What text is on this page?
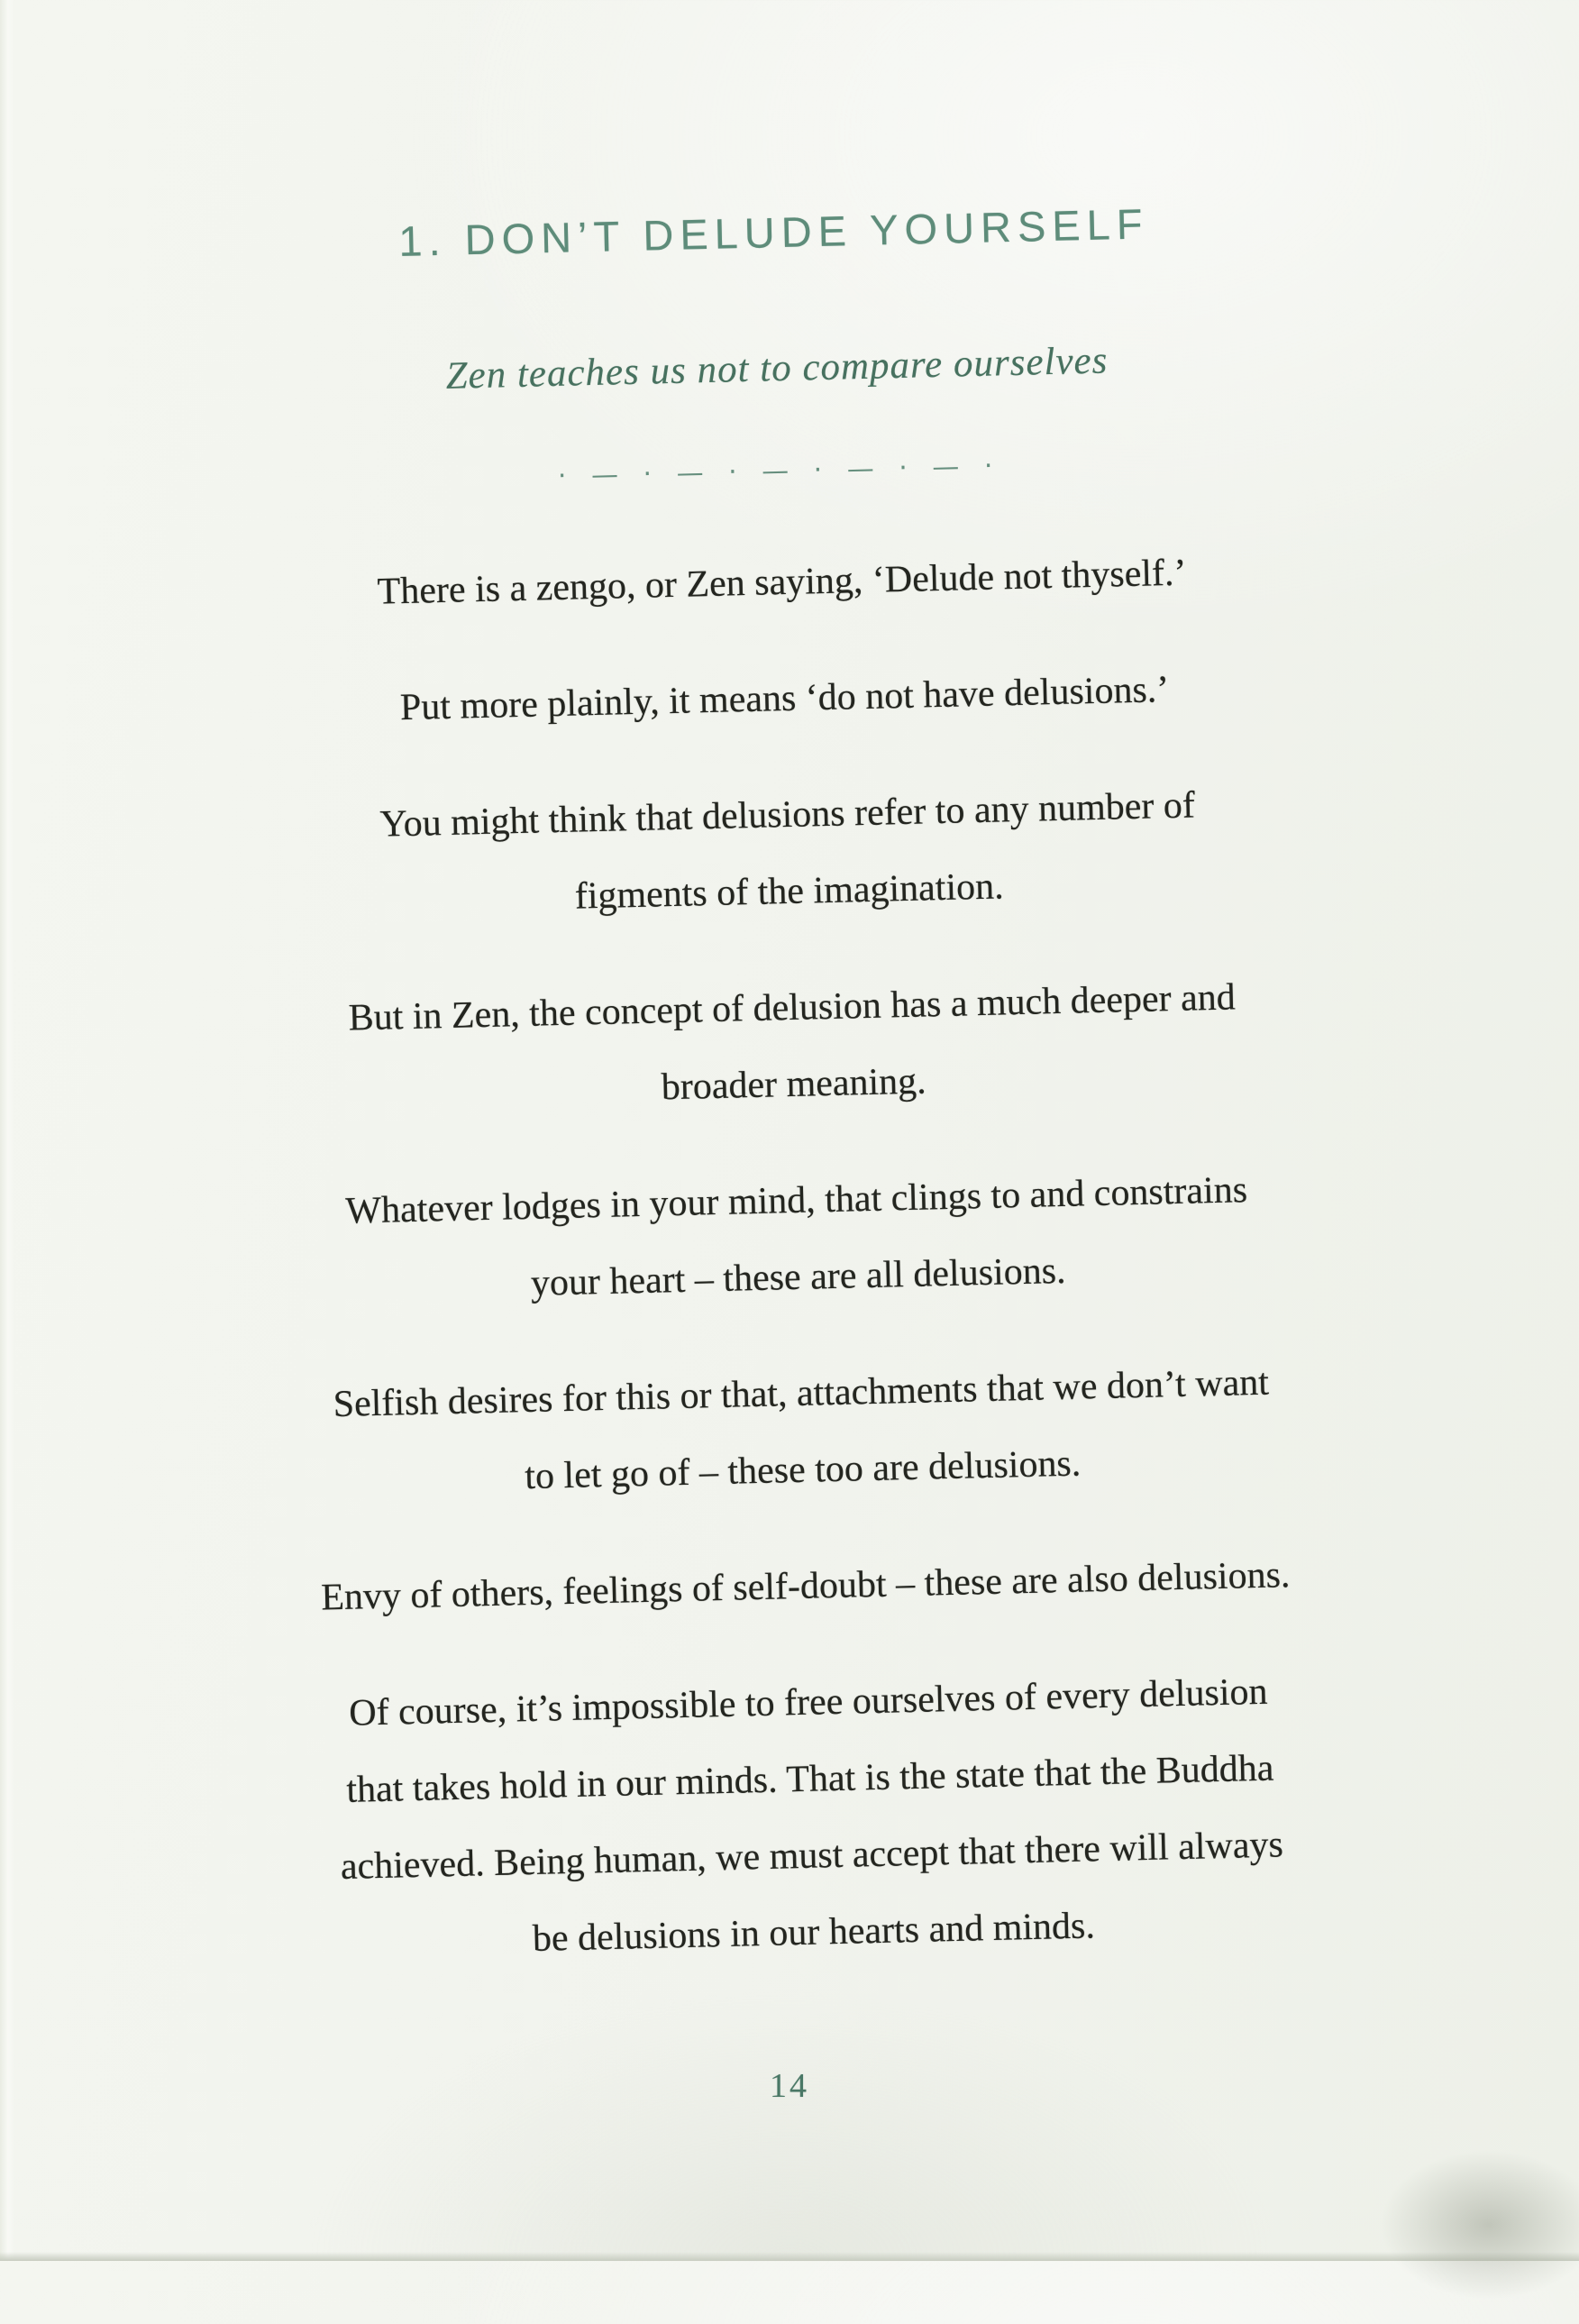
1. DON’T DELUDE YOURSELF
Zen teaches us not to compare ourselves
· — · — · — · — · — ·

There is a zengo, or Zen saying, ‘Delude not thyself.’

Put more plainly, it means ‘do not have delusions.’

You might think that delusions refer to any number of
figments of the imagination.

But in Zen, the concept of delusion has a much deeper and
broader meaning.

Whatever lodges in your mind, that clings to and constrains
your heart – these are all delusions.

Selfish desires for this or that, attachments that we don’t want
to let go of – these too are delusions.

Envy of others, feelings of self-doubt – these are also delusions.

Of course, it’s impossible to free ourselves of every delusion
that takes hold in our minds. That is the state that the Buddha
achieved. Being human, we must accept that there will always
be delusions in our hearts and minds.

14
